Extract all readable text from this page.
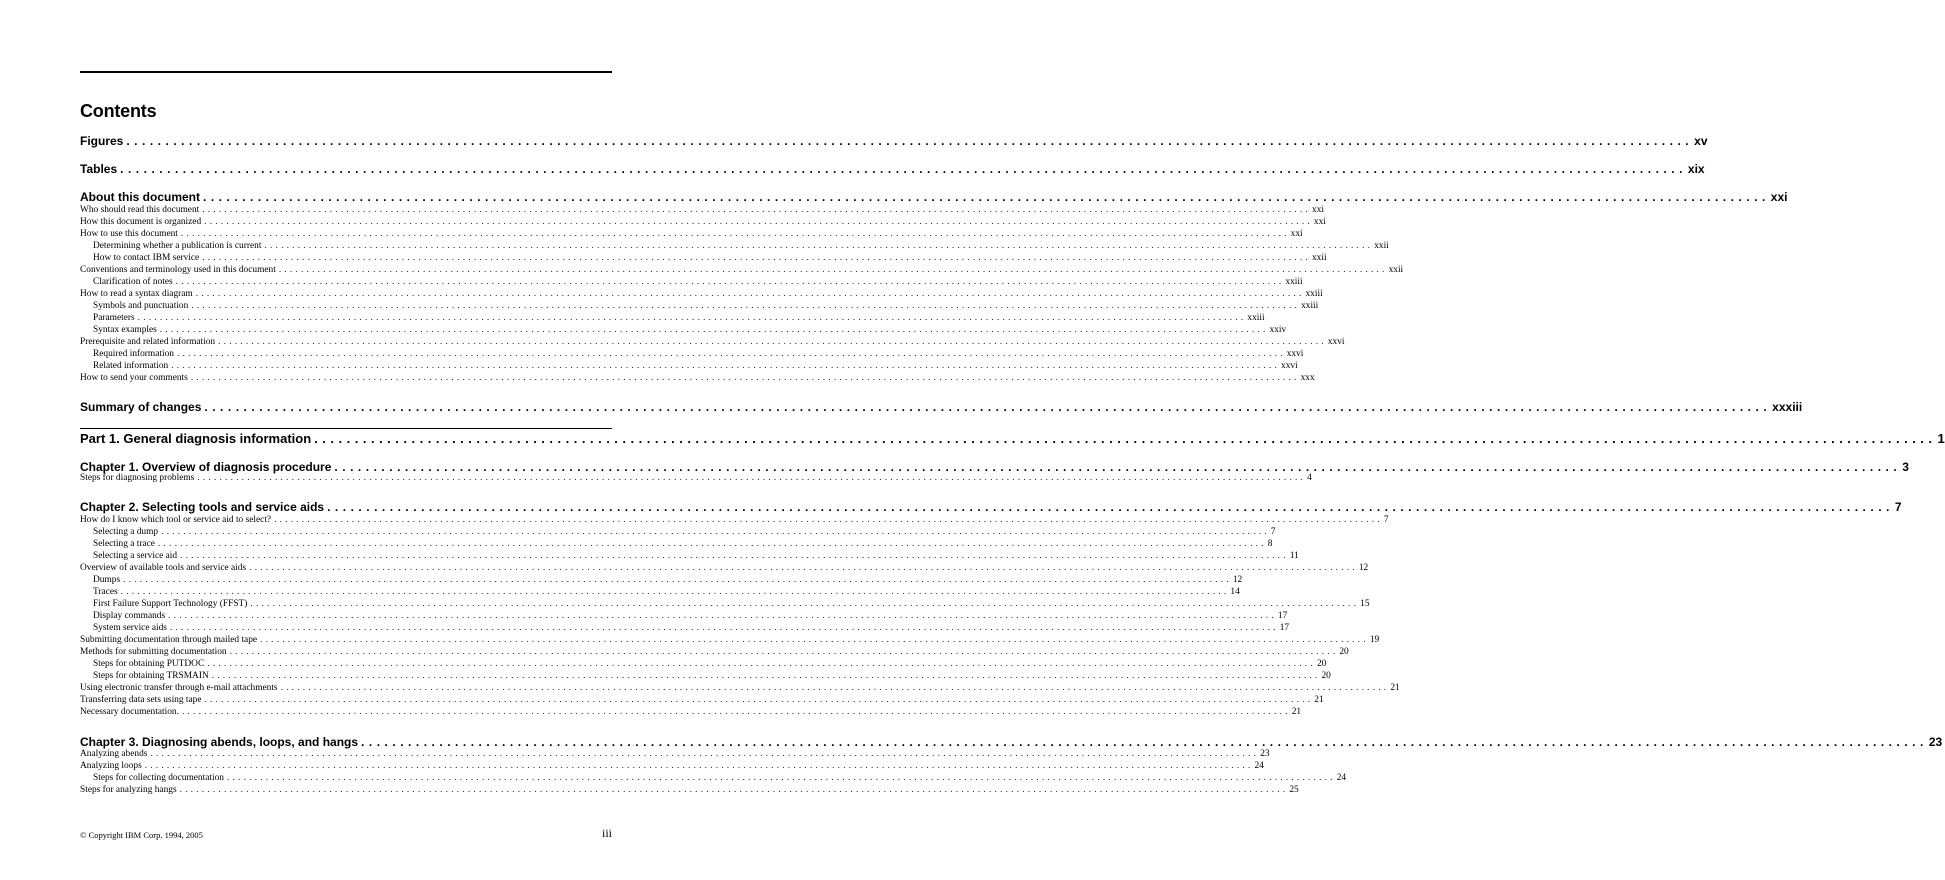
Contents
Figures ........................................................................................................................................................................................................ xv
Tables ........................................................................................................................................................................................................ xix
About this document ........................................................................................................................................................................................................ xxi
Who should read this document ........................................................................................................................................................................................................ xxi
How this document is organized ........................................................................................................................................................................................................ xxi
How to use this document ........................................................................................................................................................................................................ xxi
Determining whether a publication is current ........................................................................................................................................................................................................ xxii
How to contact IBM service ........................................................................................................................................................................................................ xxii
Conventions and terminology used in this document ........................................................................................................................................................................................................ xxii
Clarification of notes ........................................................................................................................................................................................................ xxiii
How to read a syntax diagram ........................................................................................................................................................................................................ xxiii
Symbols and punctuation ........................................................................................................................................................................................................ xxiii
Parameters ........................................................................................................................................................................................................ xxiii
Syntax examples ........................................................................................................................................................................................................ xxiv
Prerequisite and related information ........................................................................................................................................................................................................ xxvi
Required information ........................................................................................................................................................................................................ xxvi
Related information ........................................................................................................................................................................................................ xxvi
How to send your comments ........................................................................................................................................................................................................ xxx
Summary of changes ........................................................................................................................................................................................................ xxxiii
Part 1. General diagnosis information ........................................................................................................................................................................................................ 1
Chapter 1. Overview of diagnosis procedure ........................................................................................................................................................................................................ 3
Steps for diagnosing problems ........................................................................................................................................................................................................ 4
Chapter 2. Selecting tools and service aids ........................................................................................................................................................................................................ 7
How do I know which tool or service aid to select? ........................................................................................................................................................................................................ 7
Selecting a dump ........................................................................................................................................................................................................ 7
Selecting a trace ........................................................................................................................................................................................................ 8
Selecting a service aid ........................................................................................................................................................................................................ 11
Overview of available tools and service aids ........................................................................................................................................................................................................ 12
Dumps ........................................................................................................................................................................................................ 12
Traces ........................................................................................................................................................................................................ 14
First Failure Support Technology (FFST) ........................................................................................................................................................................................................ 15
Display commands ........................................................................................................................................................................................................ 17
System service aids ........................................................................................................................................................................................................ 17
Submitting documentation through mailed tape ........................................................................................................................................................................................................ 19
Methods for submitting documentation ........................................................................................................................................................................................................ 20
Steps for obtaining PUTDOC ........................................................................................................................................................................................................ 20
Steps for obtaining TRSMAIN ........................................................................................................................................................................................................ 20
Using electronic transfer through e-mail attachments ........................................................................................................................................................................................................ 21
Transferring data sets using tape ........................................................................................................................................................................................................ 21
Necessary documentation. ........................................................................................................................................................................................................ 21
Chapter 3. Diagnosing abends, loops, and hangs ........................................................................................................................................................................................................ 23
Analyzing abends ........................................................................................................................................................................................................ 23
Analyzing loops ........................................................................................................................................................................................................ 24
Steps for collecting documentation ........................................................................................................................................................................................................ 24
Steps for analyzing hangs ........................................................................................................................................................................................................ 25
© Copyright IBM Corp. 1994, 2005	iii
